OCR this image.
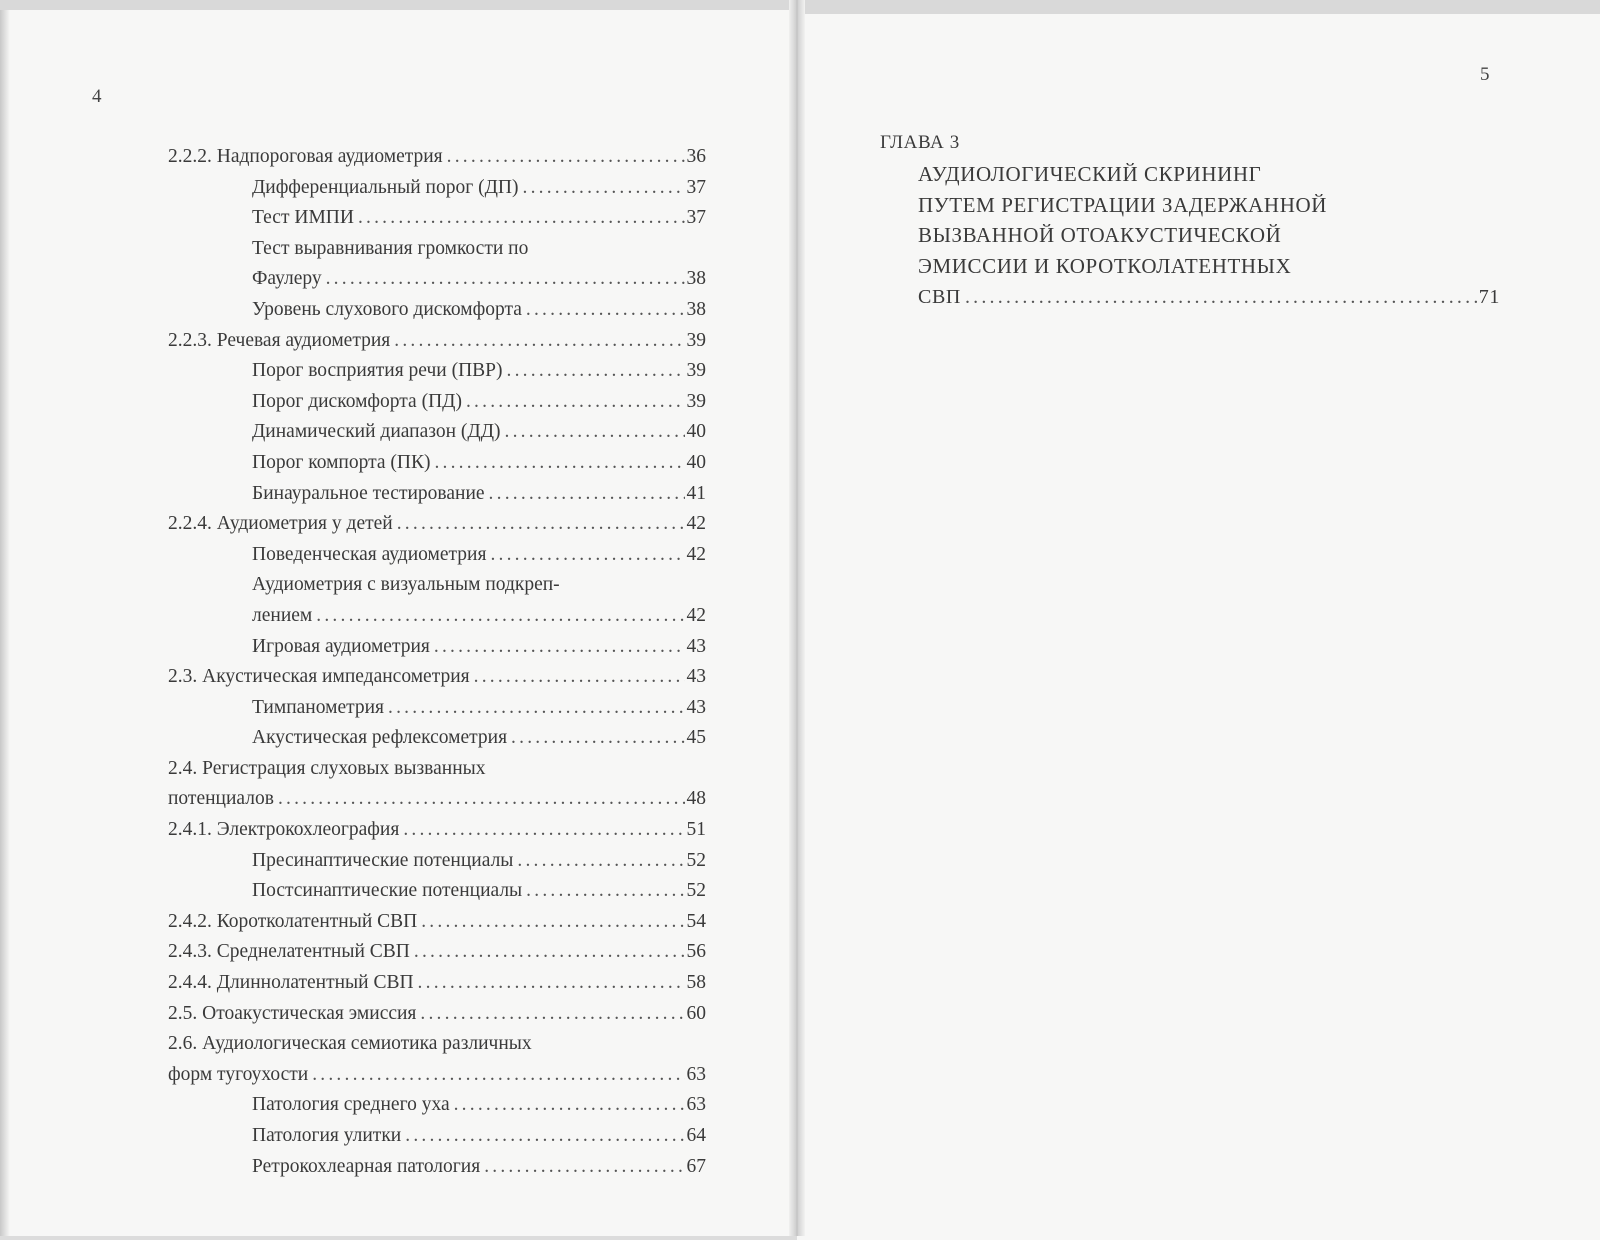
4
5
2.2.2. Надпороговая аудиометрия .....	36
Дифференциальный порог (ДП) .....	37
Тест ИМПИ .....	37
Тест выравнивания громкости по
Фаулеру .....	38
Уровень слухового дискомфорта .....	38
2.2.3. Речевая аудиометрия .....	39
Порог восприятия речи (ПВР) .....	39
Порог дискомфорта (ПД) .....	39
Динамический диапазон (ДД) .....	40
Порог компорта (ПК) .....	40
Бинауральное тестирование .....	41
2.2.4. Аудиометрия у детей .....	42
Поведенческая аудиометрия .....	42
Аудиометрия с визуальным подкреп-
лением .....	42
Игровая аудиометрия .....	43
2.3. Акустическая импедансометрия .....	43
Тимпанометрия .....	43
Акустическая рефлексометрия .....	45
2.4. Регистрация слуховых вызванных
потенциалов .....	48
2.4.1. Электрокохлеография .....	51
Пресинаптические потенциалы .....	52
Постсинаптические потенциалы .....	52
2.4.2. Коротколатентный СВП .....	54
2.4.3. Среднелатентный СВП .....	56
2.4.4. Длиннолатентный СВП .....	58
2.5. Отоакустическая эмиссия .....	60
2.6. Аудиологическая семиотика различных
форм тугоухости .....	63
Патология среднего уха .....	63
Патология улитки .....	64
Ретрокохлеарная патология .....	67
ГЛАВА 3
АУДИОЛОГИЧЕСКИЙ СКРИНИНГ
ПУТЕМ РЕГИСТРАЦИИ ЗАДЕРЖАННОЙ
ВЫЗВАННОЙ ОТОАКУСТИЧЕСКОЙ
ЭМИССИИ И КОРОТКОЛАТЕНТНЫХ
СВП .....	71
